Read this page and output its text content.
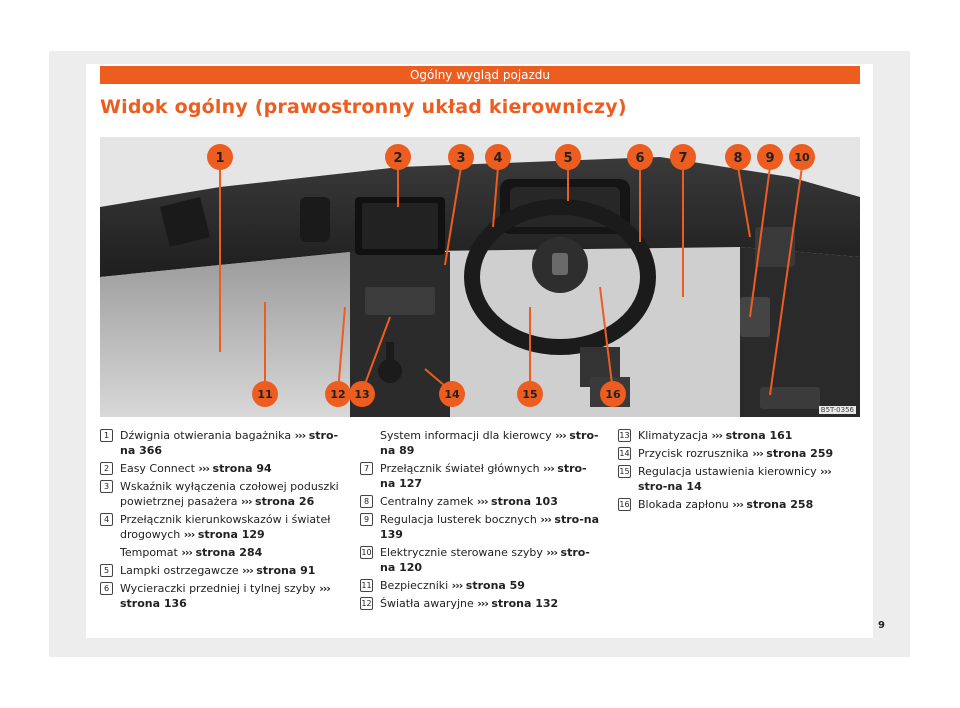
Ogólny wygląd pojazdu
Widok ogólny (prawostronny układ kierowniczy)
1	2	3 4	5	6	7	8 9 10
11	12 13	14	15	16
B5T-0356
1 Dźwignia otwierania bagażnika ››› stro-na 366
2 Easy Connect ››› strona 94
3 Wskaźnik wyłączenia czołowej poduszki powietrznej pasażera ››› strona 26
4 Przełącznik kierunkowskazów i świateł drogowych ››› strona 129
Tempomat ››› strona 284
5 Lampki ostrzegawcze ››› strona 91
6 Wycieraczki przedniej i tylnej szyby ››› strona 136
System informacji dla kierowcy ››› stro-na 89
7 Przełącznik świateł głównych ››› stro-na 127
8 Centralny zamek ››› strona 103
9 Regulacja lusterek bocznych ››› stro-na 139
10 Elektrycznie sterowane szyby ››› stro-na 120
11 Bezpieczniki ››› strona 59
12 Światła awaryjne ››› strona 132
13 Klimatyzacja ››› strona 161
14 Przycisk rozrusznika ››› strona 259
15 Regulacja ustawienia kierownicy ››› stro-na 14
16 Blokada zapłonu ››› strona 258
9
